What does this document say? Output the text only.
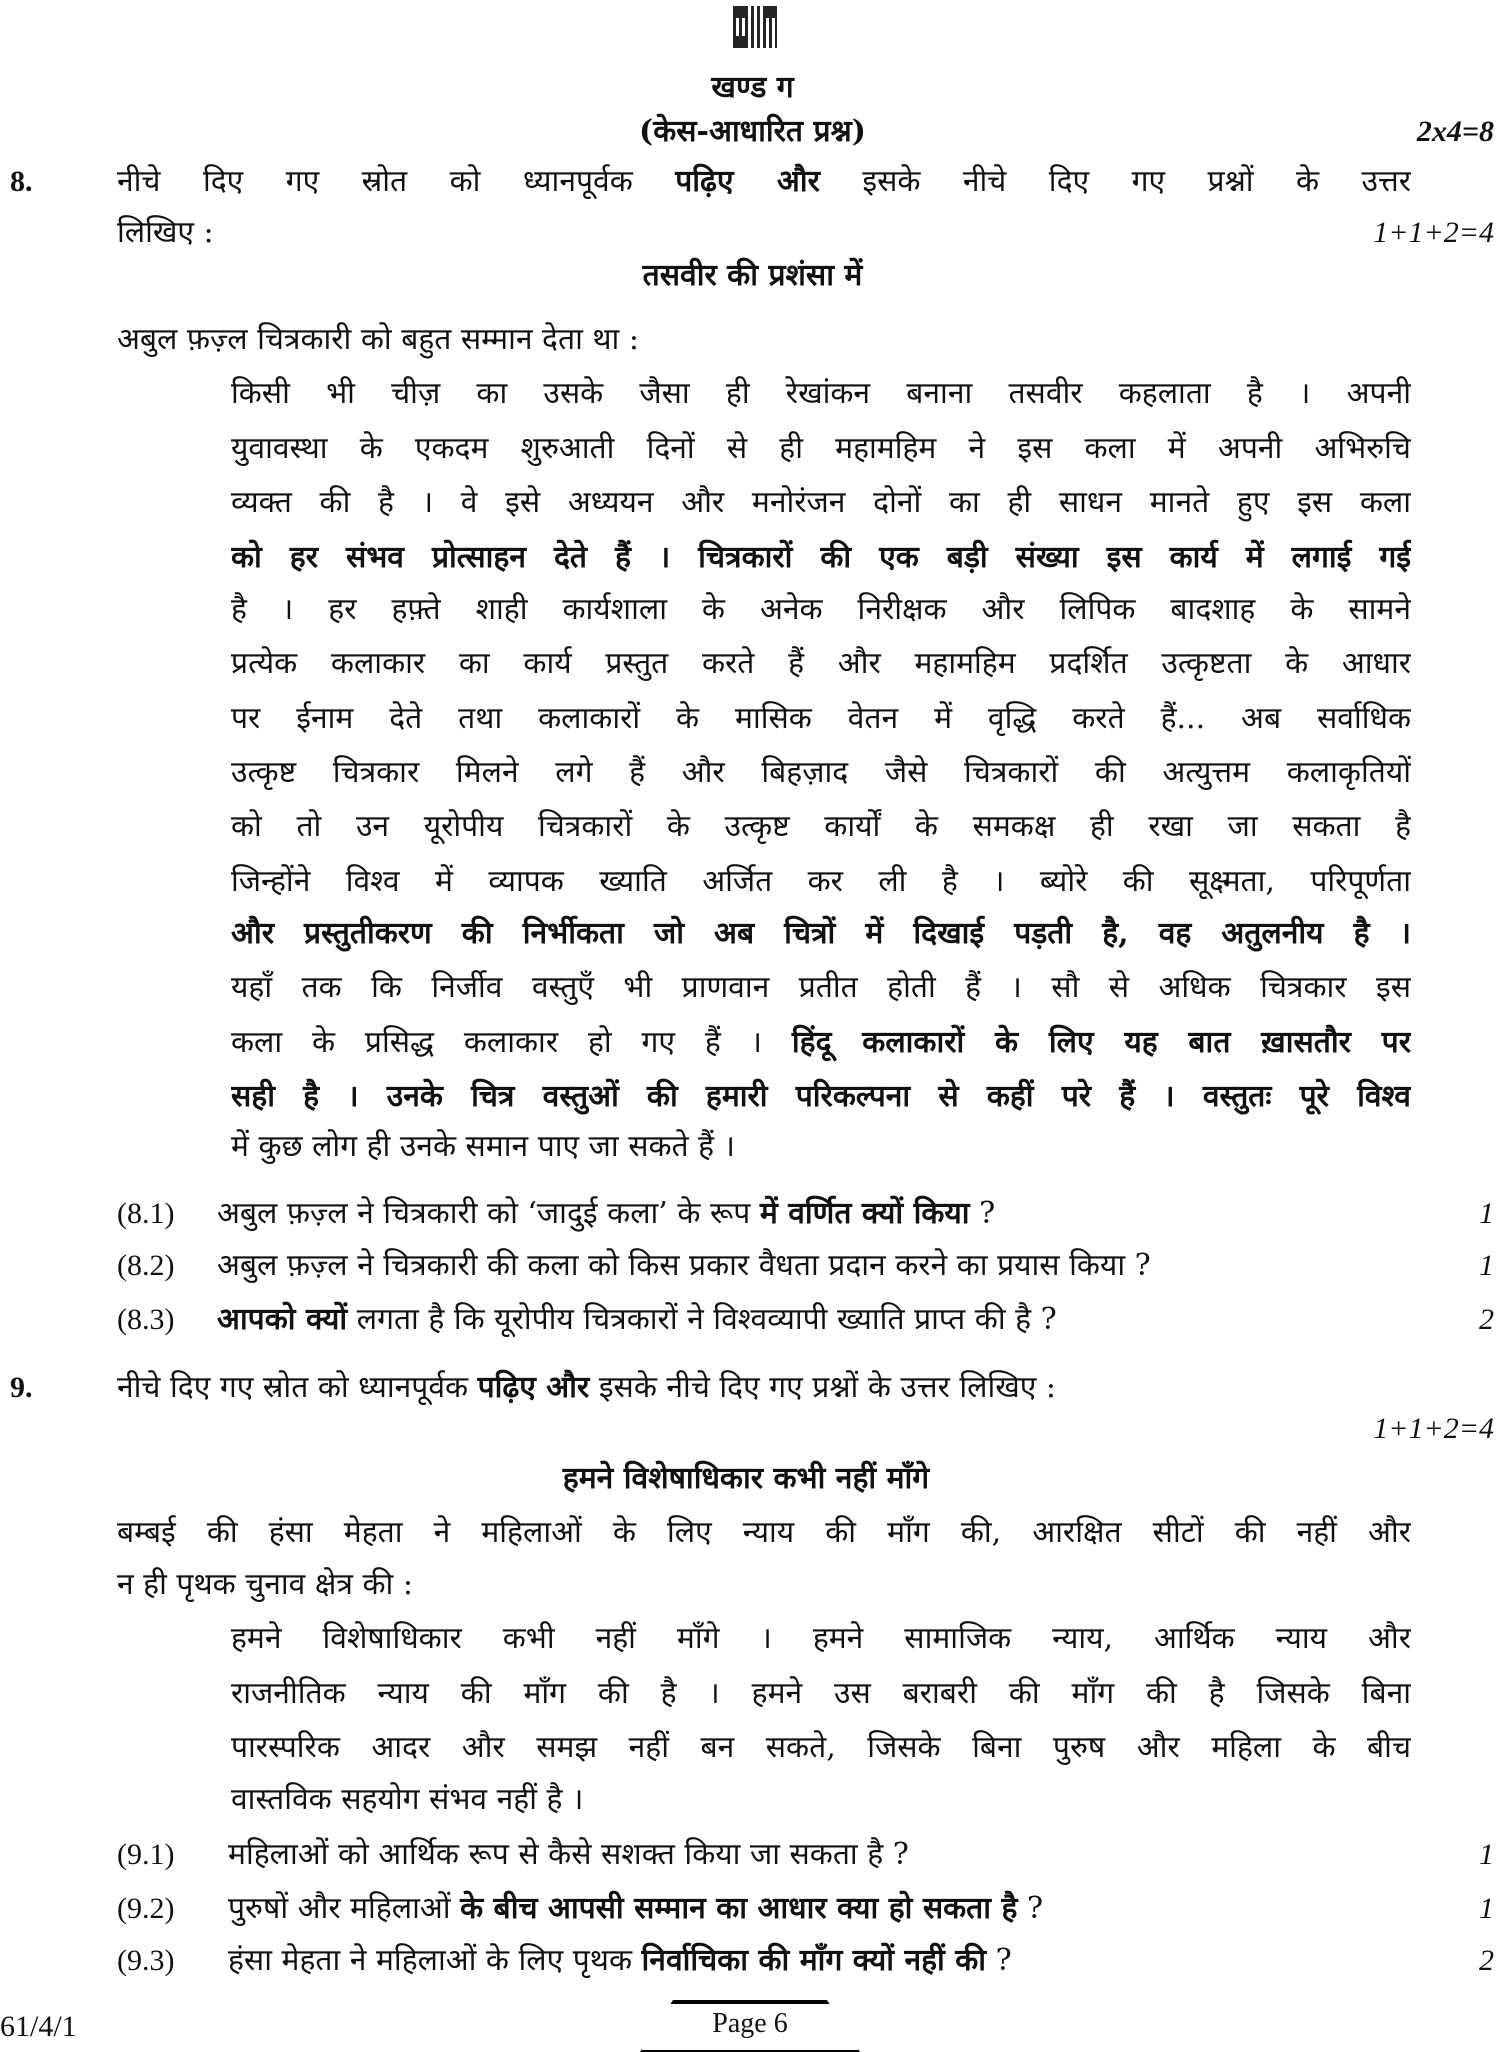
खण्ड ग
(केस-आधारित प्रश्न)	2x4=8
8.	नीचे दिए गए स्रोत को ध्यानपूर्वक पढ़िए और इसके नीचे दिए गए प्रश्नों के उत्तर
लिखिए :	1+1+2=4
तसवीर की प्रशंसा में
अबुल फ़ज़्ल चित्रकारी को बहुत सम्मान देता था :
किसी भी चीज़ का उसके जैसा ही रेखांकन बनाना तसवीर कहलाता है । अपनी
युवावस्था के एकदम शुरुआती दिनों से ही महामहिम ने इस कला में अपनी अभिरुचि
व्यक्त की है । वे इसे अध्ययन और मनोरंजन दोनों का ही साधन मानते हुए इस कला
को हर संभव प्रोत्साहन देते हैं । चित्रकारों की एक बड़ी संख्या इस कार्य में लगाई गई
है । हर हफ़्ते शाही कार्यशाला के अनेक निरीक्षक और लिपिक बादशाह के सामने
प्रत्येक कलाकार का कार्य प्रस्तुत करते हैं और महामहिम प्रदर्शित उत्कृष्टता के आधार
पर ईनाम देते तथा कलाकारों के मासिक वेतन में वृद्धि करते हैं... अब सर्वाधिक
उत्कृष्ट चित्रकार मिलने लगे हैं और बिहज़ाद जैसे चित्रकारों की अत्युत्तम कलाकृतियों
को तो उन यूरोपीय चित्रकारों के उत्कृष्ट कार्यों के समकक्ष ही रखा जा सकता है
जिन्होंने विश्व में व्यापक ख्याति अर्जित कर ली है । ब्योरे की सूक्ष्मता, परिपूर्णता
और प्रस्तुतीकरण की निर्भीकता जो अब चित्रों में दिखाई पड़ती है, वह अतुलनीय है ।
यहाँ तक कि निर्जीव वस्तुएँ भी प्राणवान प्रतीत होती हैं । सौ से अधिक चित्रकार इस
कला के प्रसिद्ध कलाकार हो गए हैं । हिंदू कलाकारों के लिए यह बात ख़ासतौर पर
सही है । उनके चित्र वस्तुओं की हमारी परिकल्पना से कहीं परे हैं । वस्तुतः पूरे विश्व
में कुछ लोग ही उनके समान पाए जा सकते हैं ।
(8.1) अबुल फ़ज़्ल ने चित्रकारी को ‘जादुई कला’ के रूप में वर्णित क्यों किया ?	1
(8.2) अबुल फ़ज़्ल ने चित्रकारी की कला को किस प्रकार वैधता प्रदान करने का प्रयास किया ?	1
(8.3) आपको क्यों लगता है कि यूरोपीय चित्रकारों ने विश्वव्यापी ख्याति प्राप्त की है ?	2
9.	नीचे दिए गए स्रोत को ध्यानपूर्वक पढ़िए और इसके नीचे दिए गए प्रश्नों के उत्तर लिखिए :
1+1+2=4
हमने विशेषाधिकार कभी नहीं माँगे
बम्बई की हंसा मेहता ने महिलाओं के लिए न्याय की माँग की, आरक्षित सीटों की नहीं और
न ही पृथक चुनाव क्षेत्र की :
हमने विशेषाधिकार कभी नहीं माँगे । हमने सामाजिक न्याय, आर्थिक न्याय और
राजनीतिक न्याय की माँग की है । हमने उस बराबरी की माँग की है जिसके बिना
पारस्परिक आदर और समझ नहीं बन सकते, जिसके बिना पुरुष और महिला के बीच
वास्तविक सहयोग संभव नहीं है ।
(9.1) महिलाओं को आर्थिक रूप से कैसे सशक्त किया जा सकता है ?	1
(9.2) पुरुषों और महिलाओं के बीच आपसी सम्मान का आधार क्या हो सकता है ?	1
(9.3) हंसा मेहता ने महिलाओं के लिए पृथक निर्वाचिका की माँग क्यों नहीं की ?	2
61/4/1	Page 6
